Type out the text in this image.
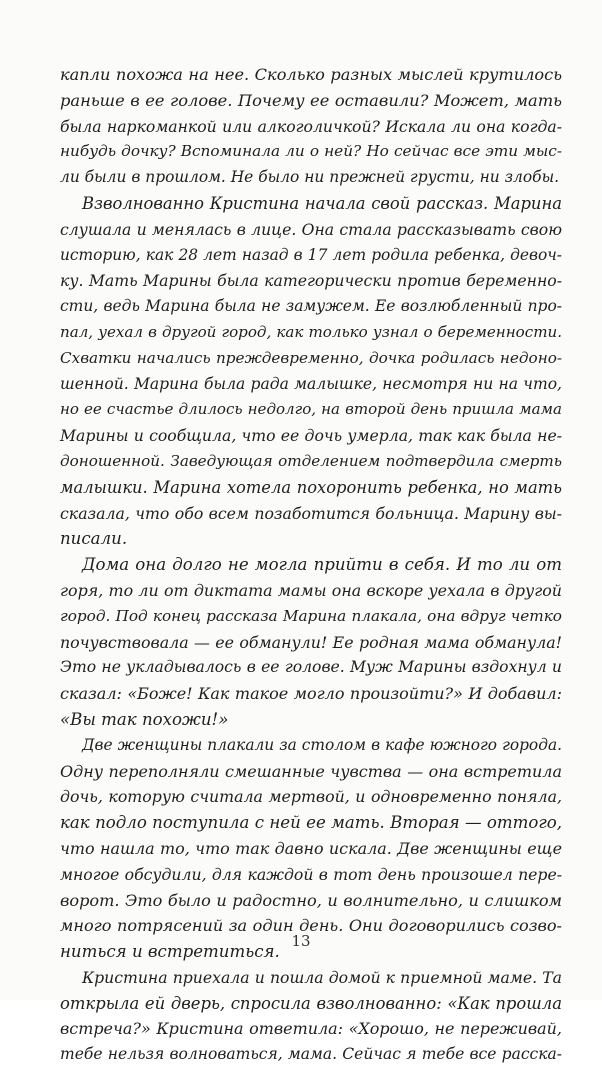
капли похожа на нее. Сколько разных мыслей крутилось
раньше в ее голове. Почему ее оставили? Может, мать
была наркоманкой или алкоголичкой? Искала ли она когда-
нибудь дочку? Вспоминала ли о ней? Но сейчас все эти мыс-
ли были в прошлом. Не было ни прежней грусти, ни злобы.
Взволнованно Кристина начала свой рассказ. Марина
слушала и менялась в лице. Она стала рассказывать свою
историю, как 28 лет назад в 17 лет родила ребенка, девоч-
ку. Мать Марины была категорически против беременно-
сти, ведь Марина была не замужем. Ее возлюбленный про-
пал, уехал в другой город, как только узнал о беременности.
Схватки начались преждевременно, дочка родилась недоно-
шенной. Марина была рада малышке, несмотря ни на что,
но ее счастье длилось недолго, на второй день пришла мама
Марины и сообщила, что ее дочь умерла, так как была не-
доношенной. Заведующая отделением подтвердила смерть
малышки. Марина хотела похоронить ребенка, но мать
сказала, что обо всем позаботится больница. Марину вы-
писали.
Дома она долго не могла прийти в себя. И то ли от
горя, то ли от диктата мамы она вскоре уехала в другой
город. Под конец рассказа Марина плакала, она вдруг четко
почувствовала — ее обманули! Ее родная мама обманула!
Это не укладывалось в ее голове. Муж Марины вздохнул и
сказал: «Боже! Как такое могло произойти?» И добавил:
«Вы так похожи!»
Две женщины плакали за столом в кафе южного города.
Одну переполняли смешанные чувства — она встретила
дочь, которую считала мертвой, и одновременно поняла,
как подло поступила с ней ее мать. Вторая — оттого,
что нашла то, что так давно искала. Две женщины еще
многое обсудили, для каждой в тот день произошел пере-
ворот. Это было и радостно, и волнительно, и слишком
много потрясений за один день. Они договорились созво-
ниться и встретиться.
Кристина приехала и пошла домой к приемной маме. Та
открыла ей дверь, спросила взволнованно: «Как прошла
встреча?» Кристина ответила: «Хорошо, не переживай,
тебе нельзя волноваться, мама. Сейчас я тебе все расска-
13
